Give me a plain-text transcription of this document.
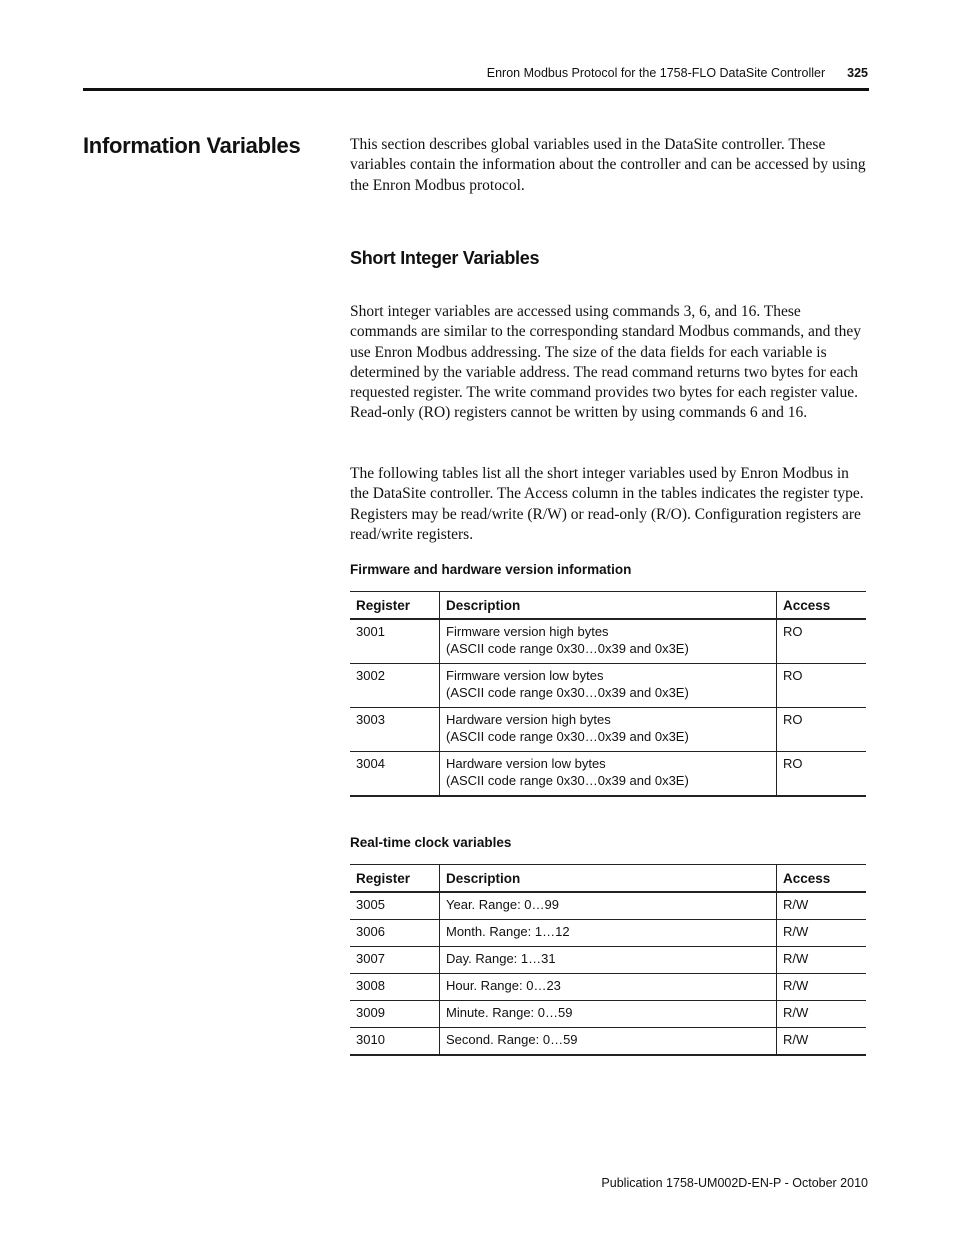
Enron Modbus Protocol for the 1758-FLO DataSite Controller 325
Information Variables	This section describes global variables used in the DataSite controller. These variables contain the information about the controller and can be accessed by using the Enron Modbus protocol.

Short Integer Variables

Short integer variables are accessed using commands 3, 6, and 16. These commands are similar to the corresponding standard Modbus commands, and they use Enron Modbus addressing. The size of the data fields for each variable is determined by the variable address. The read command returns two bytes for each requested register. The write command provides two bytes for each register value. Read-only (RO) registers cannot be written by using commands 6 and 16.

The following tables list all the short integer variables used by Enron Modbus in the DataSite controller. The Access column in the tables indicates the register type. Registers may be read/write (R/W) or read-only (R/O). Configuration registers are read/write registers.

Firmware and hardware version information

Register	Description	Access
3001	Firmware version high bytes
(ASCII code range 0x30…0x39 and 0x3E)	RO
3002	Firmware version low bytes
(ASCII code range 0x30…0x39 and 0x3E)	RO
3003	Hardware version high bytes
(ASCII code range 0x30…0x39 and 0x3E)	RO
3004	Hardware version low bytes
(ASCII code range 0x30…0x39 and 0x3E)	RO

Real-time clock variables

Register	Description	Access
3005	Year. Range: 0…99	R/W
3006	Month. Range: 1…12	R/W
3007	Day. Range: 1…31	R/W
3008	Hour. Range: 0…23	R/W
3009	Minute. Range: 0…59	R/W
3010	Second. Range: 0…59	R/W
Publication 1758-UM002D-EN-P - October 2010
